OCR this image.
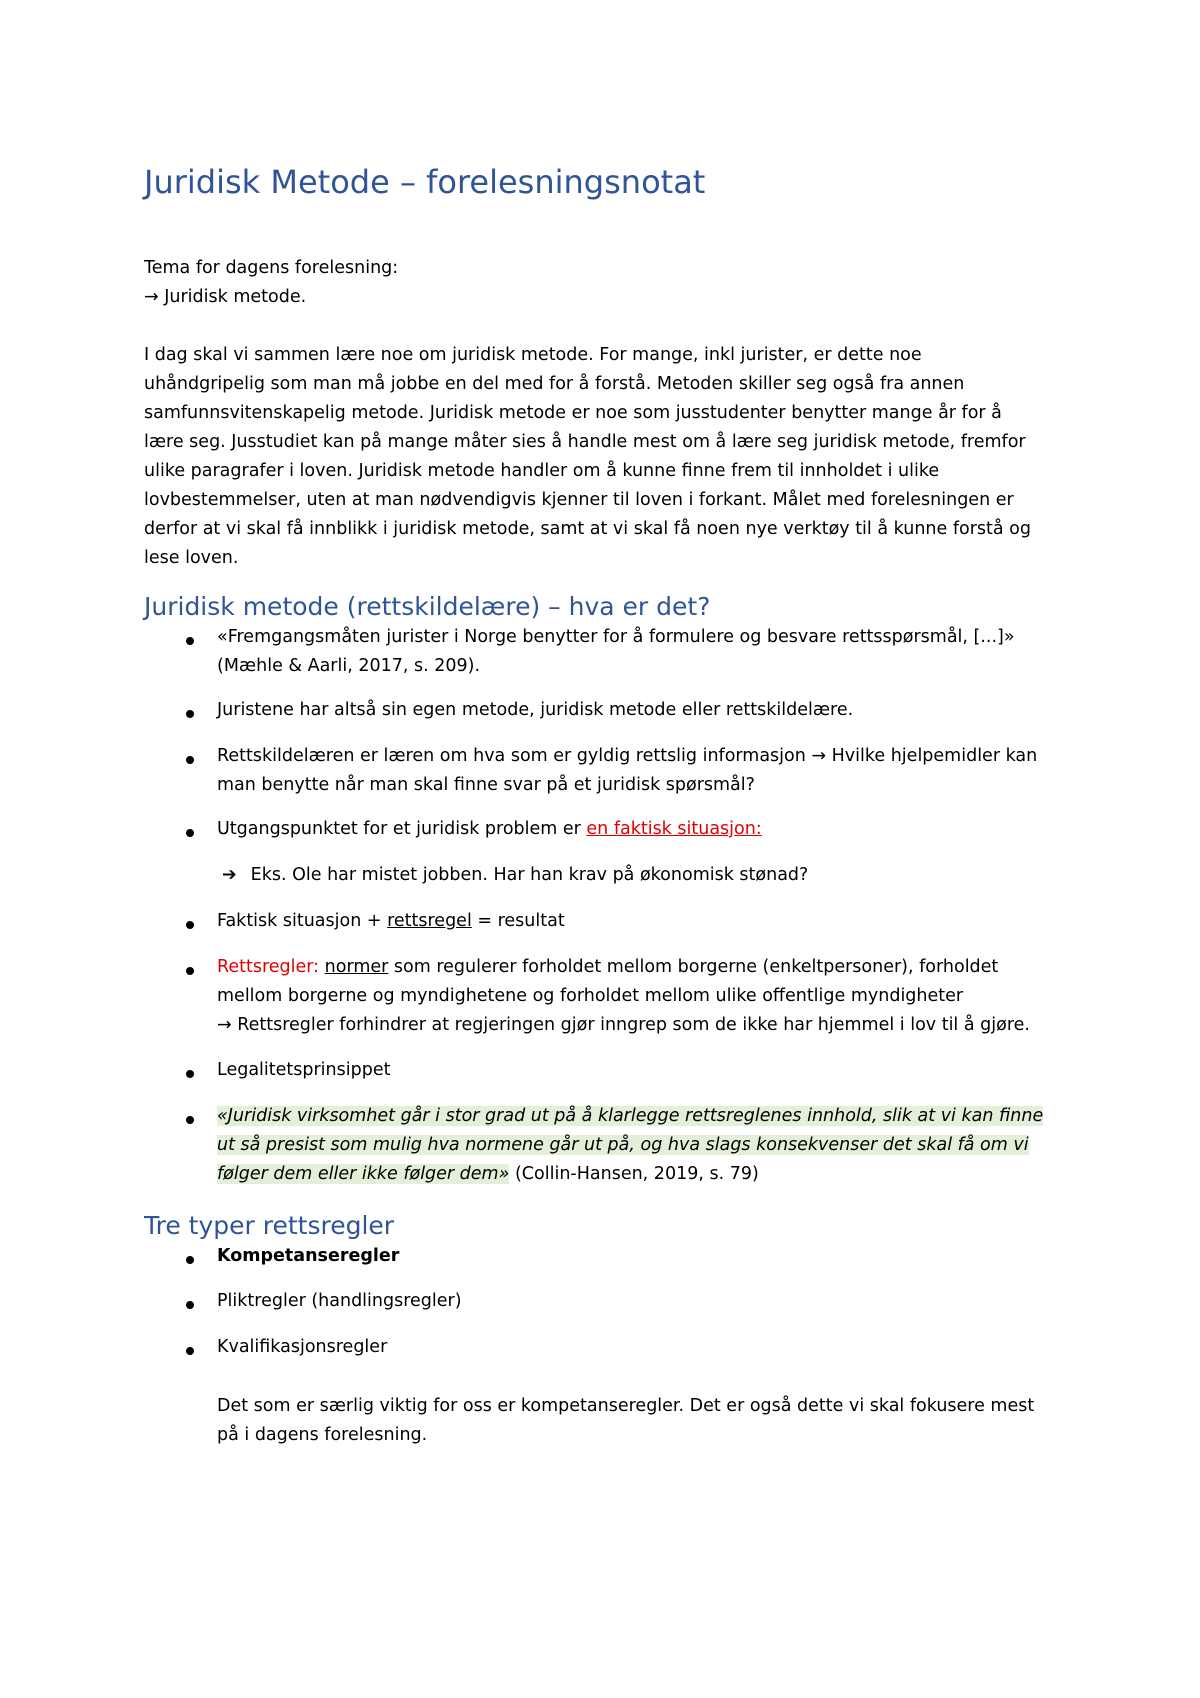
Juridisk Metode – forelesningsnotat
Tema for dagens forelesning:
→ Juridisk metode.
I dag skal vi sammen lære noe om juridisk metode. For mange, inkl jurister, er dette noe
uhåndgripelig som man må jobbe en del med for å forstå. Metoden skiller seg også fra annen
samfunnsvitenskapelig metode. Juridisk metode er noe som jusstudenter benytter mange år for å
lære seg. Jusstudiet kan på mange måter sies å handle mest om å lære seg juridisk metode, fremfor
ulike paragrafer i loven. Juridisk metode handler om å kunne finne frem til innholdet i ulike
lovbestemmelser, uten at man nødvendigvis kjenner til loven i forkant. Målet med forelesningen er
derfor at vi skal få innblikk i juridisk metode, samt at vi skal få noen nye verktøy til å kunne forstå og
lese loven.
Juridisk metode (rettskildelære) – hva er det?
«Fremgangsmåten jurister i Norge benytter for å formulere og besvare rettsspørsmål, [...]»
(Mæhle & Aarli, 2017, s. 209).
Juristene har altså sin egen metode, juridisk metode eller rettskildelære.
Rettskildelæren er læren om hva som er gyldig rettslig informasjon → Hvilke hjelpemidler kan
man benytte når man skal finne svar på et juridisk spørsmål?
Utgangspunktet for et juridisk problem er en faktisk situasjon:
➔ Eks. Ole har mistet jobben. Har han krav på økonomisk stønad?
Faktisk situasjon + rettsregel = resultat
Rettsregler: normer som regulerer forholdet mellom borgerne (enkeltpersoner), forholdet
mellom borgerne og myndighetene og forholdet mellom ulike offentlige myndigheter
→ Rettsregler forhindrer at regjeringen gjør inngrep som de ikke har hjemmel i lov til å gjøre.
Legalitetsprinsippet
«Juridisk virksomhet går i stor grad ut på å klarlegge rettsreglenes innhold, slik at vi kan finne
ut så presist som mulig hva normene går ut på, og hva slags konsekvenser det skal få om vi
følger dem eller ikke følger dem» (Collin-Hansen, 2019, s. 79)
Tre typer rettsregler
Kompetanseregler
Pliktregler (handlingsregler)
Kvalifikasjonsregler
Det som er særlig viktig for oss er kompetanseregler. Det er også dette vi skal fokusere mest
på i dagens forelesning.
